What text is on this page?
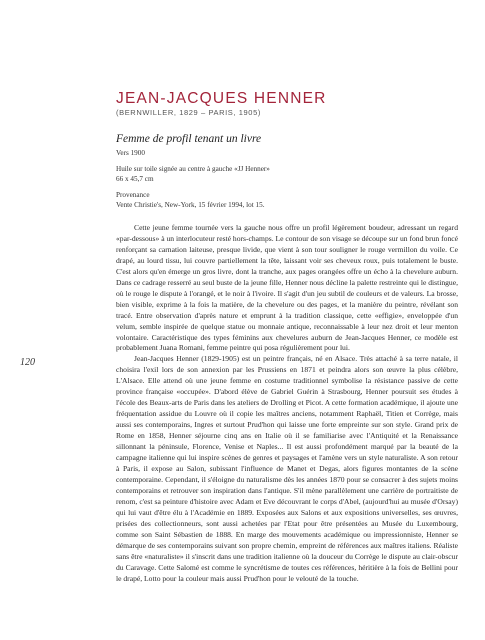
120
JEAN-JACQUES HENNER
(BERNWILLER, 1829 – PARIS, 1905)
Femme de profil tenant un livre
Vers 1900
Huile sur toile signée au centre à gauche «JJ Henner»
66 x 45,7 cm
Provenance
Vente Christie's, New-York, 15 février 1994, lot 15.

Cette jeune femme tournée vers la gauche nous offre un profil légèrement boudeur, adressant un regard «par-dessous» à un interlocuteur resté hors-champs. Le contour de son visage se découpe sur un fond brun foncé renforçant sa carnation laiteuse, presque livide, que vient à son tour souligner le rouge vermillon du voile. Ce drapé, au lourd tissu, lui couvre partiellement la tête, laissant voir ses cheveux roux, puis totalement le buste. C'est alors qu'en émerge un gros livre, dont la tranche, aux pages orangées offre un écho à la chevelure auburn. Dans ce cadrage resserré au seul buste de la jeune fille, Henner nous décline la palette restreinte qui le distingue, où le rouge le dispute à l'orangé, et le noir à l'ivoire. Il s'agit d'un jeu subtil de couleurs et de valeurs. La brosse, bien visible, exprime à la fois la matière, de la chevelure ou des pages, et la manière du peintre, révélant son tracé. Entre observation d'après nature et emprunt à la tradition classique, cette «effigie», enveloppée d'un velum, semble inspirée de quelque statue ou monnaie antique, reconnaissable à leur nez droit et leur menton volontaire. Caractéristique des types féminins aux chevelures auburn de Jean-Jacques Henner, ce modèle est probablement Juana Romani, femme peintre qui posa régulièrement pour lui.

Jean-Jacques Henner (1829-1905) est un peintre français, né en Alsace. Très attaché à sa terre natale, il choisira l'exil lors de son annexion par les Prussiens en 1871 et peindra alors son œuvre la plus célèbre, L'Alsace. Elle attend où une jeune femme en costume traditionnel symbolise la résistance passive de cette province française «occupée». D'abord élève de Gabriel Guérin à Strasbourg, Henner poursuit ses études à l'école des Beaux-arts de Paris dans les ateliers de Drolling et Picot. A cette formation académique, il ajoute une fréquentation assidue du Louvre où il copie les maîtres anciens, notamment Raphaël, Titien et Corrège, mais aussi ses contemporains, Ingres et surtout Prud'hon qui laisse une forte empreinte sur son style. Grand prix de Rome en 1858, Henner séjourne cinq ans en Italie où il se familiarise avec l'Antiquité et la Renaissance sillonnant la péninsule, Florence, Venise et Naples... Il est aussi profondément marqué par la beauté de la campagne italienne qui lui inspire scènes de genres et paysages et l'amène vers un style naturaliste. A son retour à Paris, il expose au Salon, subissant l'influence de Manet et Degas, alors figures montantes de la scène contemporaine. Cependant, il s'éloigne du naturalisme dès les années 1870 pour se consacrer à des sujets moins contemporains et retrouver son inspiration dans l'antique. S'il mène parallèlement une carrière de portraitiste de renom, c'est sa peinture d'histoire avec Adam et Eve découvrant le corps d'Abel, (aujourd'hui au musée d'Orsay) qui lui vaut d'être élu à l'Académie en 1889. Exposées aux Salons et aux expositions universelles, ses œuvres, prisées des collectionneurs, sont aussi achetées par l'Etat pour être présentées au Musée du Luxembourg, comme son Saint Sébastien de 1888. En marge des mouvements académique ou impressionniste, Henner se démarque de ses contemporains suivant son propre chemin, empreint de références aux maîtres italiens. Réaliste sans être «naturaliste» il s'inscrit dans une tradition italienne où la douceur du Corrège le dispute au clair-obscur du Caravage. Cette Salomé est comme le syncrétisme de toutes ces références, héritière à la fois de Bellini pour le drapé, Lotto pour la couleur mais aussi Prud'hon pour le velouté de la touche.
